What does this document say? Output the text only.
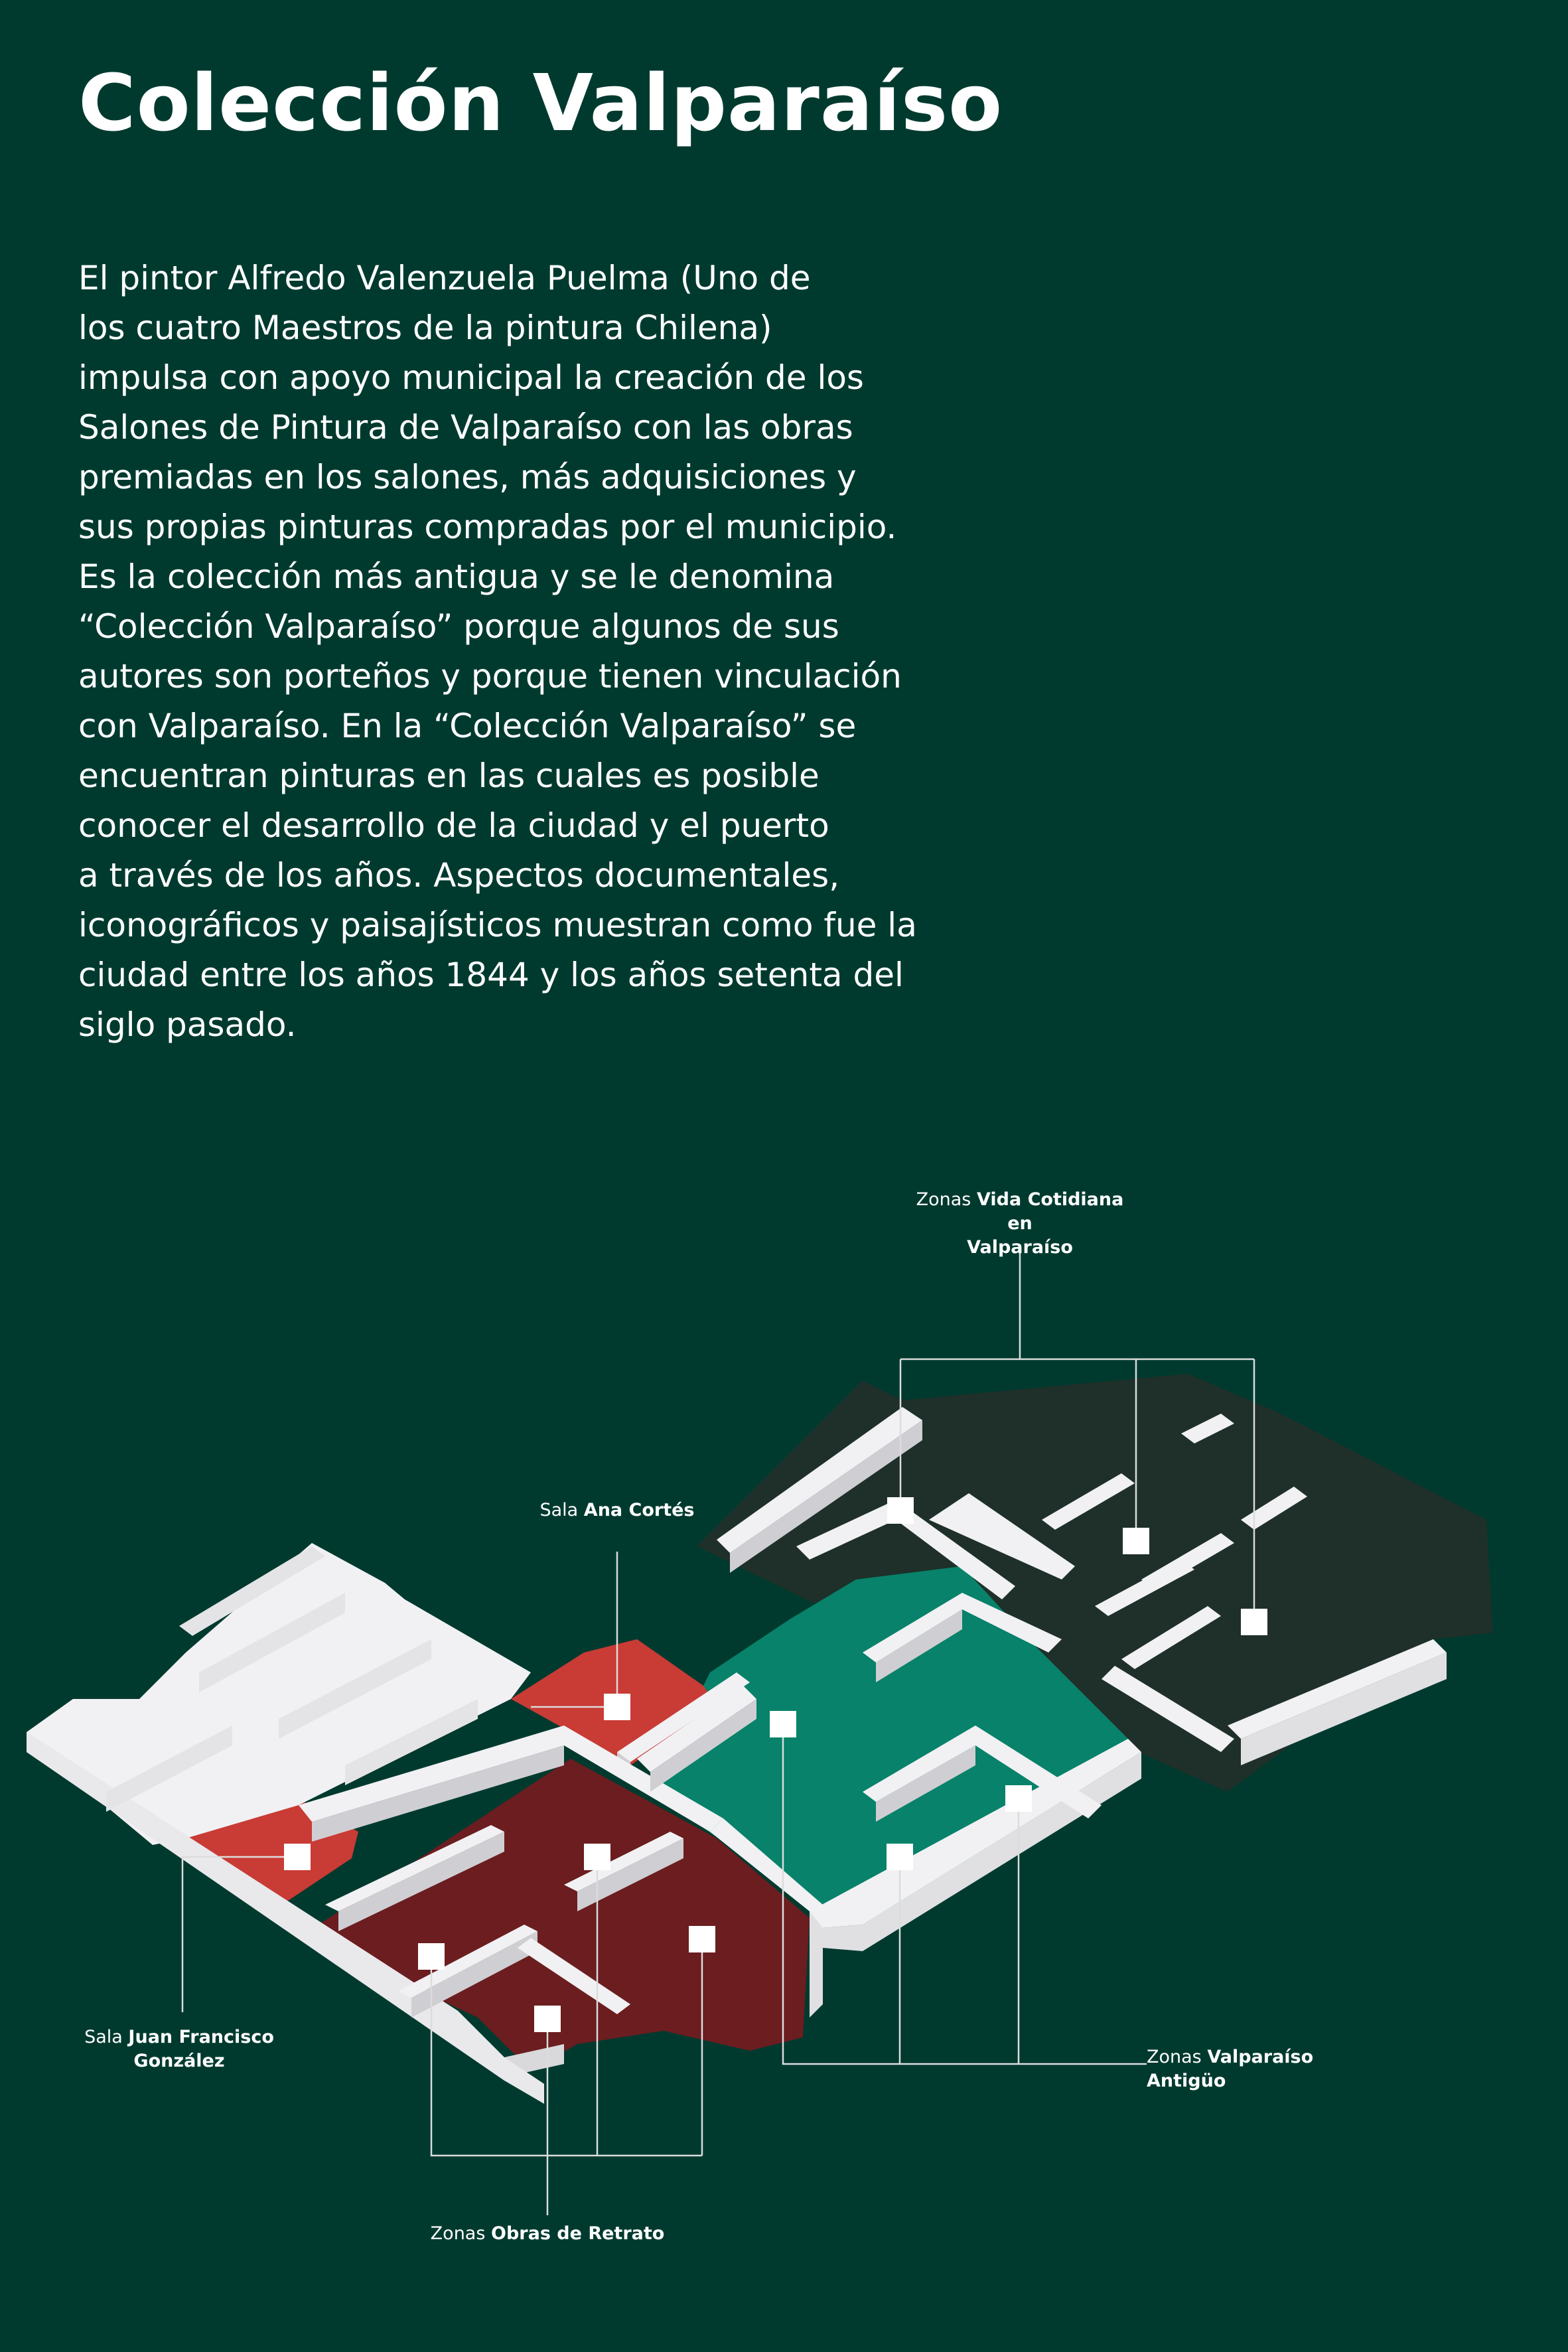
Colección Valparaíso

El pintor Alfredo Valenzuela Puelma (Uno de
los cuatro Maestros de la pintura Chilena)
impulsa con apoyo municipal la creación de los
Salones de Pintura de Valparaíso con las obras
premiadas en los salones, más adquisiciones y
sus propias pinturas compradas por el municipio.
Es la colección más antigua y se le denomina
“Colección Valparaíso” porque algunos de sus
autores son porteños y porque tienen vinculación
con Valparaíso. En la “Colección Valparaíso” se
encuentran pinturas en las cuales es posible
conocer el desarrollo de la ciudad y el puerto
a través de los años. Aspectos documentales,
iconográficos y paisajísticos muestran como fue la
ciudad entre los años 1844 y los años setenta del
siglo pasado.

Zonas Vida Cotidiana en
Valparaíso
Sala Ana Cortés
Sala Juan Francisco
González	Zonas Valparaíso
Antigüo
Zonas Obras de Retrato
